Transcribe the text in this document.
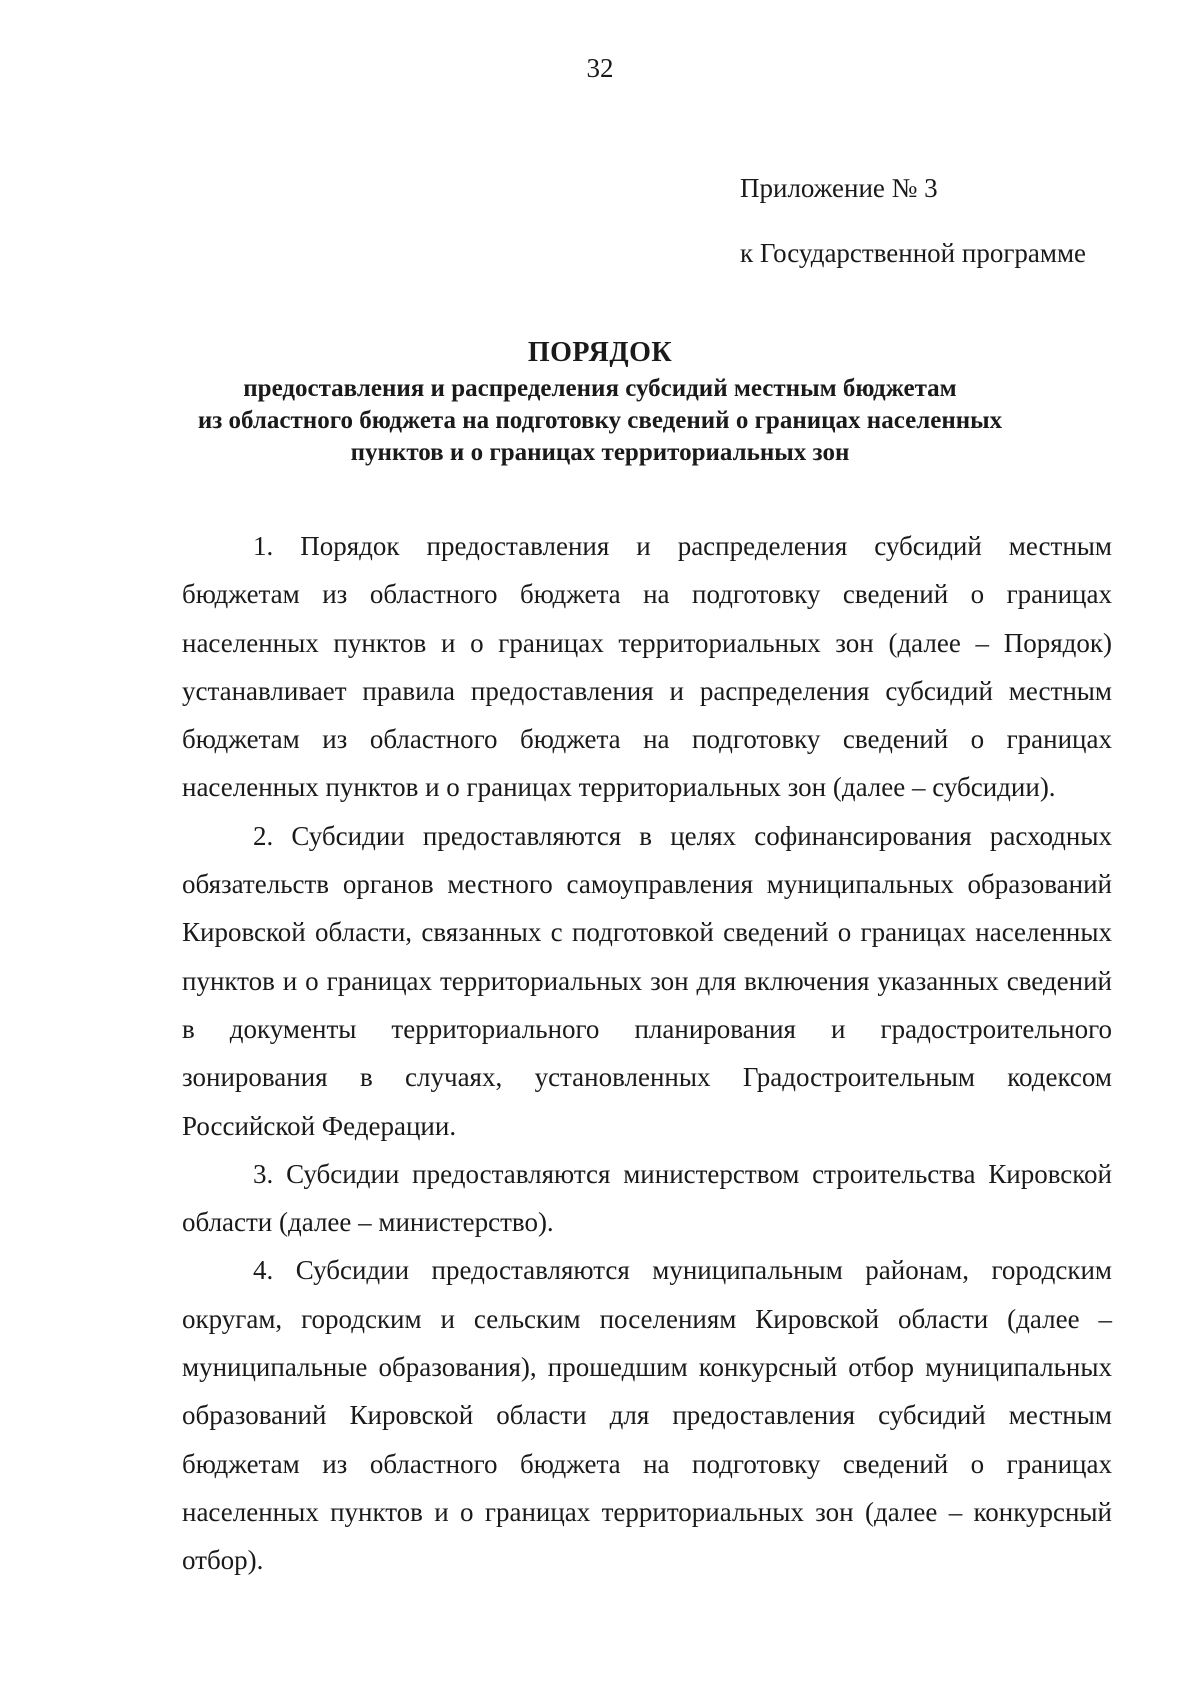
32
Приложение № 3
к Государственной программе
ПОРЯДОК
предоставления и распределения субсидий местным бюджетам
из областного бюджета на подготовку сведений о границах населенных
пунктов и о границах территориальных зон

1. Порядок предоставления и распределения субсидий местным бюджетам из областного бюджета на подготовку сведений о границах населенных пунктов и о границах территориальных зон (далее – Порядок) устанавливает правила предоставления и распределения субсидий местным бюджетам из областного бюджета на подготовку сведений о границах населенных пунктов и о границах территориальных зон (далее – субсидии).

2. Субсидии предоставляются в целях софинансирования расходных обязательств органов местного самоуправления муниципальных образований Кировской области, связанных с подготовкой сведений о границах населенных пунктов и о границах территориальных зон для включения указанных сведений в документы территориального планирования и градостроительного зонирования в случаях, установленных Градостроительным кодексом Российской Федерации.

3. Субсидии предоставляются министерством строительства Кировской области (далее – министерство).

4. Субсидии предоставляются муниципальным районам, городским округам, городским и сельским поселениям Кировской области (далее – муниципальные образования), прошедшим конкурсный отбор муниципальных образований Кировской области для предоставления субсидий местным бюджетам из областного бюджета на подготовку сведений о границах населенных пунктов и о границах территориальных зон (далее – конкурсный отбор).
